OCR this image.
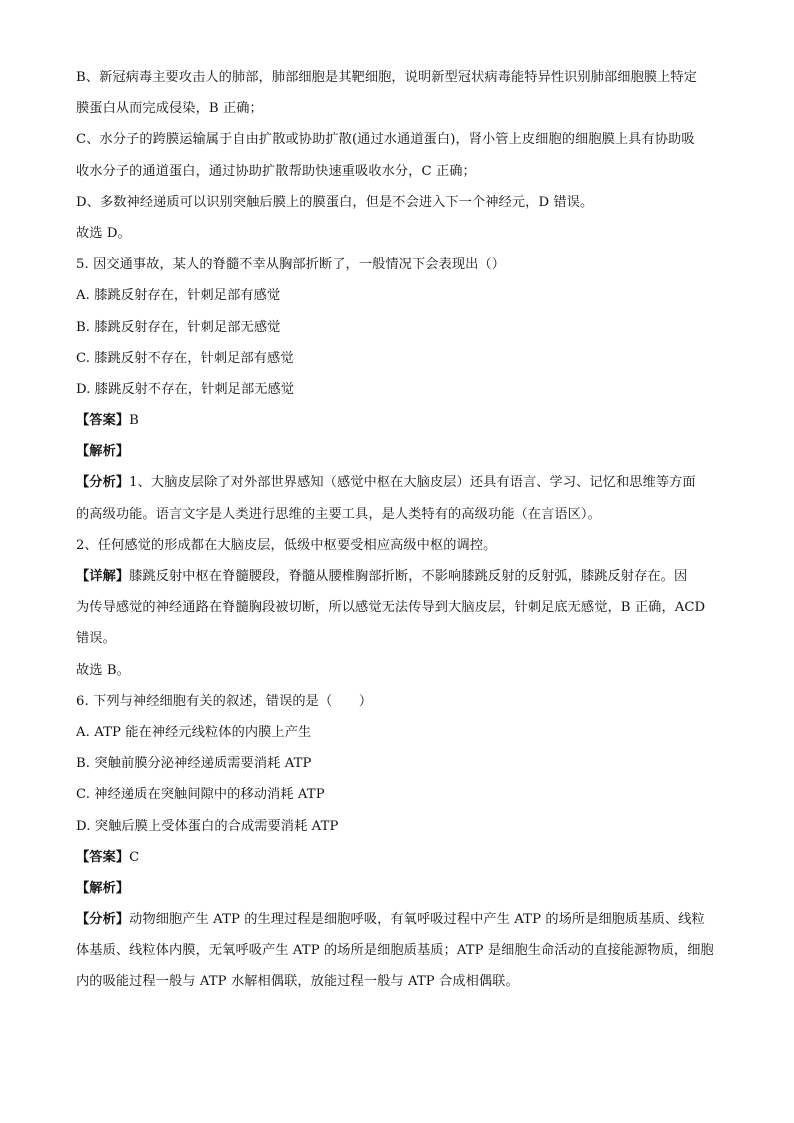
B、新冠病毒主要攻击人的肺部，肺部细胞是其靶细胞，说明新型冠状病毒能特异性识别肺部细胞膜上特定
膜蛋白从而完成侵染，B 正确；
C、水分子的跨膜运输属于自由扩散或协助扩散(通过水通道蛋白)，肾小管上皮细胞的细胞膜上具有协助吸
收水分子的通道蛋白，通过协助扩散帮助快速重吸收水分，C 正确；
D、多数神经递质可以识别突触后膜上的膜蛋白，但是不会进入下一个神经元，D 错误。
故选 D。
5. 因交通事故，某人的脊髓不幸从胸部折断了，一般情况下会表现出（）
A. 膝跳反射存在，针刺足部有感觉
B. 膝跳反射存在，针刺足部无感觉
C. 膝跳反射不存在，针刺足部有感觉
D. 膝跳反射不存在，针刺足部无感觉
【答案】B
【解析】
【分析】1、大脑皮层除了对外部世界感知（感觉中枢在大脑皮层）还具有语言、学习、记忆和思维等方面
的高级功能。语言文字是人类进行思维的主要工具，是人类特有的高级功能（在言语区）。
2、任何感觉的形成都在大脑皮层，低级中枢要受相应高级中枢的调控。
【详解】膝跳反射中枢在脊髓腰段，脊髓从腰椎胸部折断，不影响膝跳反射的反射弧，膝跳反射存在。因
为传导感觉的神经通路在脊髓胸段被切断，所以感觉无法传导到大脑皮层，针刺足底无感觉，B 正确，ACD
错误。
故选 B。
6. 下列与神经细胞有关的叙述，错误的是（　　）
A. ATP 能在神经元线粒体的内膜上产生
B. 突触前膜分泌神经递质需要消耗 ATP
C. 神经递质在突触间隙中的移动消耗 ATP
D. 突触后膜上受体蛋白的合成需要消耗 ATP
【答案】C
【解析】
【分析】动物细胞产生 ATP 的生理过程是细胞呼吸，有氧呼吸过程中产生 ATP 的场所是细胞质基质、线粒
体基质、线粒体内膜，无氧呼吸产生 ATP 的场所是细胞质基质；ATP 是细胞生命活动的直接能源物质，细胞
内的吸能过程一般与 ATP 水解相偶联，放能过程一般与 ATP 合成相偶联。
